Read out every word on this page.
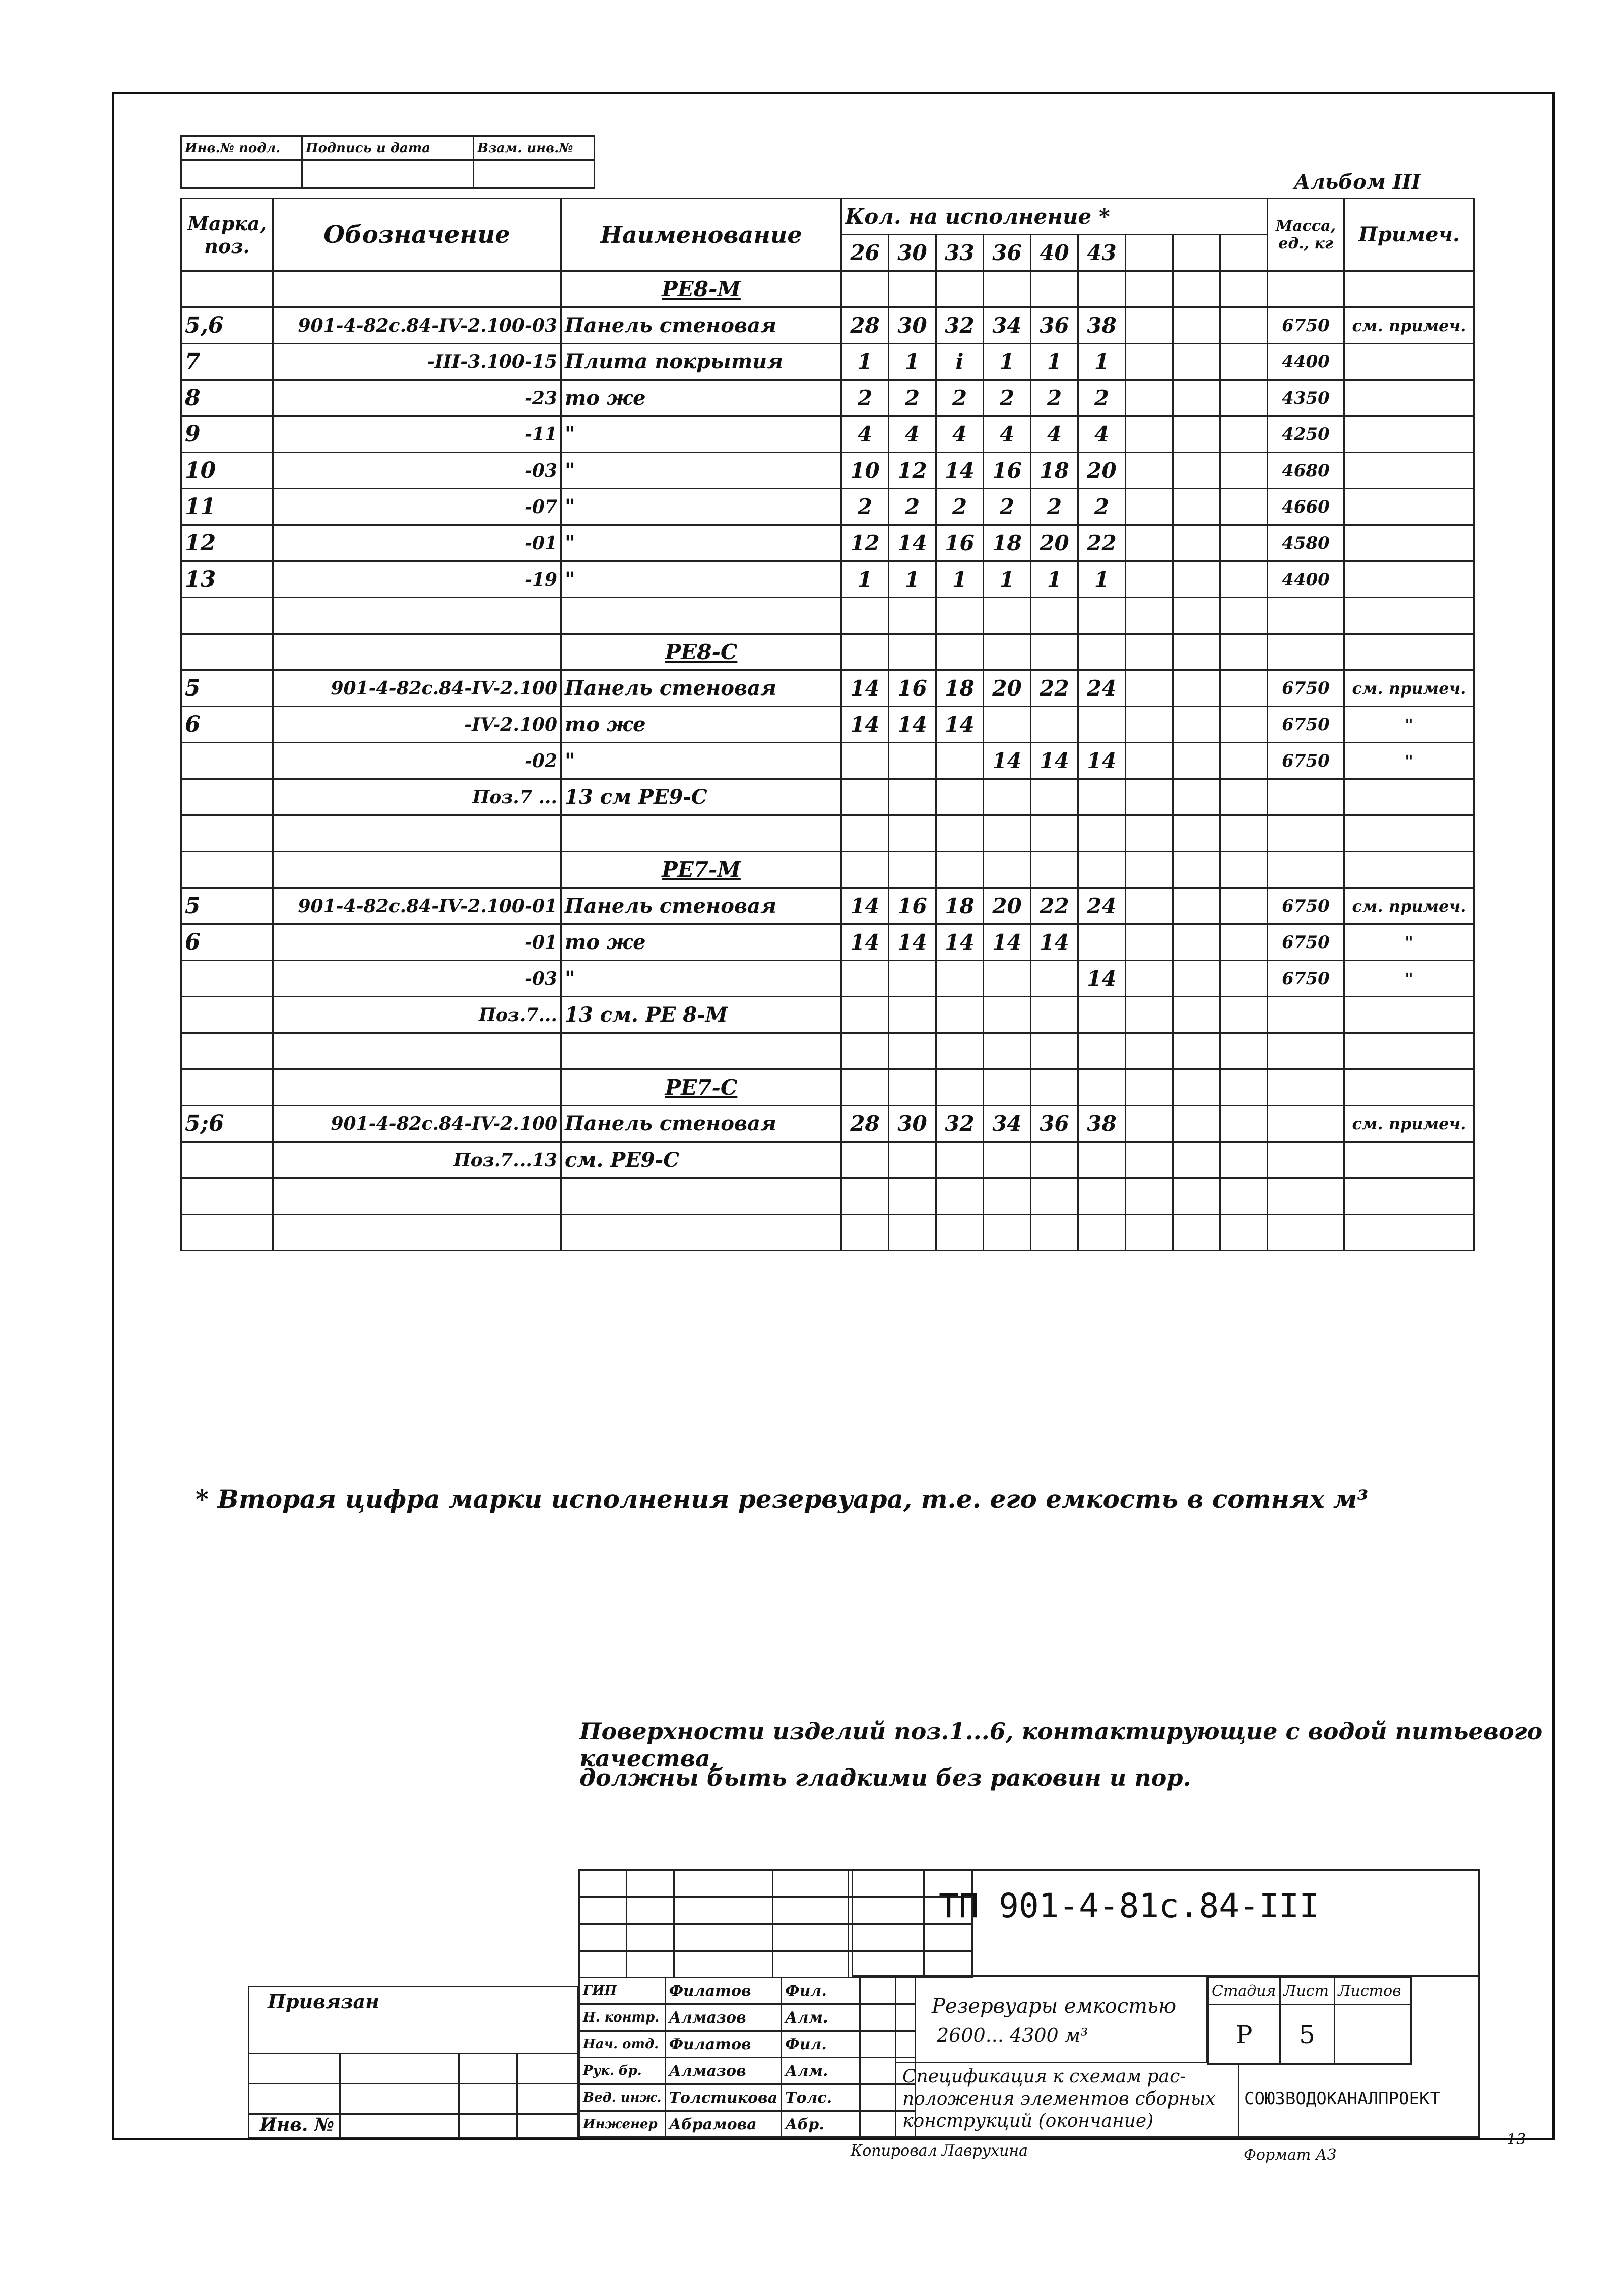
Инв.№ подл.	Подпись и дата	Взам. инв.№

Альбом III
Марка, поз.	Обозначение	Наименование	Кол. на исполнение *									Масса, ед., кг	Примеч.
			26	30	33	36	40	43					
		РЕ8-М											
5,6	901-4-82с.84-IV-2.100-03	Панель стеновая	28	30	32	34	36	38				6750	см. примеч.
7	-III-3.100-15	Плита покрытия	1	1	i	1	1	1				4400	
8	-23	то же	2	2	2	2	2	2				4350	
9	-11	"	4	4	4	4	4	4				4250	
10	-03	"	10	12	14	16	18	20				4680	
11	-07	"	2	2	2	2	2	2				4660	
12	-01	"	12	14	16	18	20	22				4580	
13	-19	"	1	1	1	1	1	1				4400	

		РЕ8-С											
5	901-4-82с.84-IV-2.100	Панель стеновая	14	16	18	20	22	24				6750	см. примеч.
6	-IV-2.100	то же	14	14	14							6750	"
	-02	"				14	14	14				6750	"
	Поз.7 ...	13 см РЕ9-С											

		РЕ7-М											
5	901-4-82с.84-IV-2.100-01	Панель стеновая	14	16	18	20	22	24				6750	см. примеч.
6	-01	то же	14	14	14	14	14					6750	"
	-03	"						14				6750	"
	Поз.7...	13 см. РЕ 8-М											

		РЕ7-С											
5;6	901-4-82с.84-IV-2.100	Панель стеновая	28	30	32	34	36	38					см. примеч.
	Поз.7...13	см. РЕ9-С											

* Вторая цифра марки исполнения резервуара, т.е. его емкость в сотнях м³
Поверхности изделий поз.1...6, контактирующие с водой питьевого качества,
должны быть гладкими без раковин и пор.

ГИП	Филатов	Фил.	
Н. контр.	Алмазов	Алм.	
Нач. отд.	Филатов	Фил.	
Рук. бр.	Алмазов	Алм.	
Вед. инж.	Толстикова	Толс.	
Инженер	Абрамова	Абр.	
ТП 901-4-81с.84-III
Резервуары емкостью
2600... 4300 м³
Стадия	Лист	Листов
Р	5	
Спецификация к схемам рас-
положения элементов сборных
конструкций (окончание)
СОЮЗВОДОКАНАЛПРОЕКТ
Привязан
Инв. №
Копировал Лаврухина	Формат А3
13
